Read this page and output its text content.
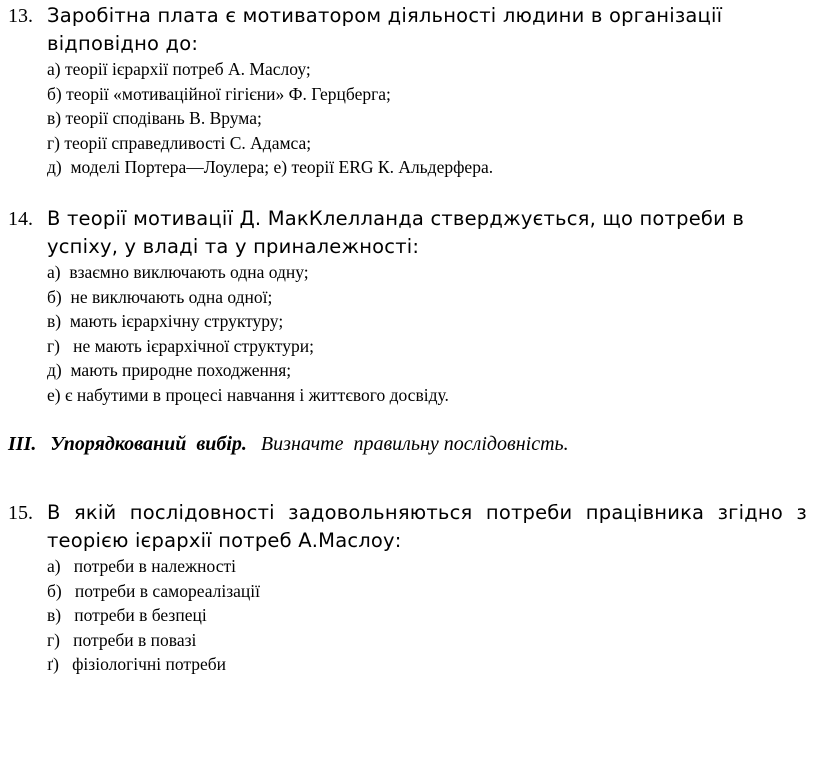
13. Заробітна плата є мотиватором діяльності людини в організації
відповідно до:
а) теорії ієрархії потреб А. Маслоу;
б) теорії «мотиваційної гігієни» Ф. Герцберга;
в) теорії сподівань В. Врума;
г) теорії справедливості С. Адамса;
д)  моделі Портера—Лоулера; е) теорії ERG К. Альдерфера.
14. В теорії мотивації Д. МакКлелланда стверджується, що потреби в
успіху, у владі та у приналежності:
а)  взаємно виключають одна одну;
б)  не виключають одна одної;
в)  мають ієрархічну структуру;
г)   не мають ієрархічної структури;
д)  мають природне походження;
е) є набутими в процесі навчання і життєвого досвіду.
ІІІ. Упорядкований  вибір. Визначте  правильну послідовність.
15. В якій послідовності задовольняються потреби працівника згідно з
теорією ієрархії потреб А.Маслоу:
а)   потреби в належності
б)   потреби в самореалізації
в)   потреби в безпеці
г)   потреби в повазі
ґ)   фізіологічні потреби
